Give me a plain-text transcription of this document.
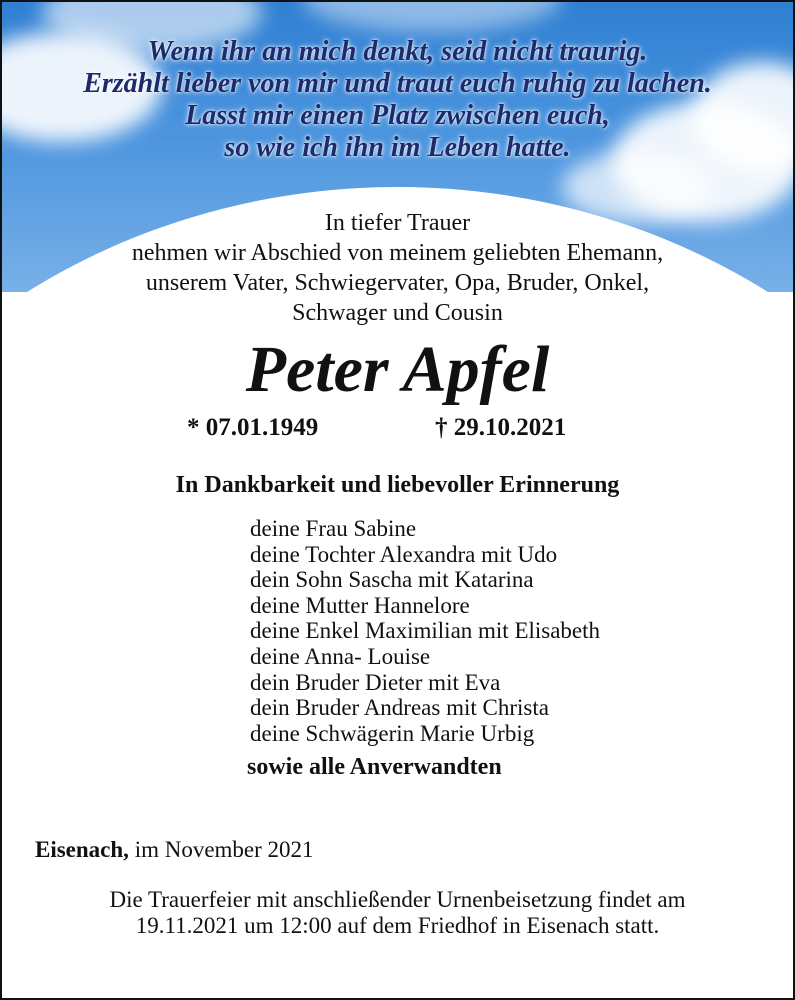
Wenn ihr an mich denkt, seid nicht traurig.
Erzählt lieber von mir und traut euch ruhig zu lachen.
Lasst mir einen Platz zwischen euch,
so wie ich ihn im Leben hatte.
In tiefer Trauer
nehmen wir Abschied von meinem geliebten Ehemann,
unserem Vater, Schwiegervater, Opa, Bruder, Onkel,
Schwager und Cousin
Peter Apfel
* 07.01.1949	† 29.10.2021
In Dankbarkeit und liebevoller Erinnerung
deine Frau Sabine
deine Tochter Alexandra mit Udo
dein Sohn Sascha mit Katarina
deine Mutter Hannelore
deine Enkel Maximilian mit Elisabeth
deine Anna- Louise
dein Bruder Dieter mit Eva
dein Bruder Andreas mit Christa
deine Schwägerin Marie Urbig
sowie alle Anverwandten
Eisenach, im November 2021
Die Trauerfeier mit anschließender Urnenbeisetzung findet am
19.11.2021 um 12:00 auf dem Friedhof in Eisenach statt.
